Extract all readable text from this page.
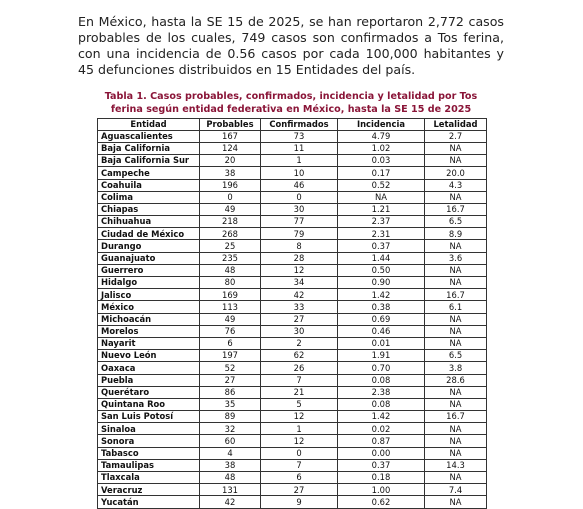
En México, hasta la SE 15 de 2025, se han reportaron 2,772 casos probables de los cuales, 749 casos son confirmados a Tos ferina, con una incidencia de 0.56 casos por cada 100,000 habitantes y 45 defunciones distribuidos en 15 Entidades del país.

Tabla 1. Casos probables, confirmados, incidencia y letalidad por Tos ferina según entidad federativa en México, hasta la SE 15 de 2025

Entidad	Probables	Confirmados	Incidencia	Letalidad
Aguascalientes	167	73	4.79	2.7
Baja California	124	11	1.02	NA
Baja California Sur	20	1	0.03	NA
Campeche	38	10	0.17	20.0
Coahuila	196	46	0.52	4.3
Colima	0	0	NA	NA
Chiapas	49	30	1.21	16.7
Chihuahua	218	77	2.37	6.5
Ciudad de México	268	79	2.31	8.9
Durango	25	8	0.37	NA
Guanajuato	235	28	1.44	3.6
Guerrero	48	12	0.50	NA
Hidalgo	80	34	0.90	NA
Jalisco	169	42	1.42	16.7
México	113	33	0.38	6.1
Michoacán	49	27	0.69	NA
Morelos	76	30	0.46	NA
Nayarit	6	2	0.01	NA
Nuevo León	197	62	1.91	6.5
Oaxaca	52	26	0.70	3.8
Puebla	27	7	0.08	28.6
Querétaro	86	21	2.38	NA
Quintana Roo	35	5	0.08	NA
San Luis Potosí	89	12	1.42	16.7
Sinaloa	32	1	0.02	NA
Sonora	60	12	0.87	NA
Tabasco	4	0	0.00	NA
Tamaulipas	38	7	0.37	14.3
Tlaxcala	48	6	0.18	NA
Veracruz	131	27	1.00	7.4
Yucatán	42	9	0.62	NA
